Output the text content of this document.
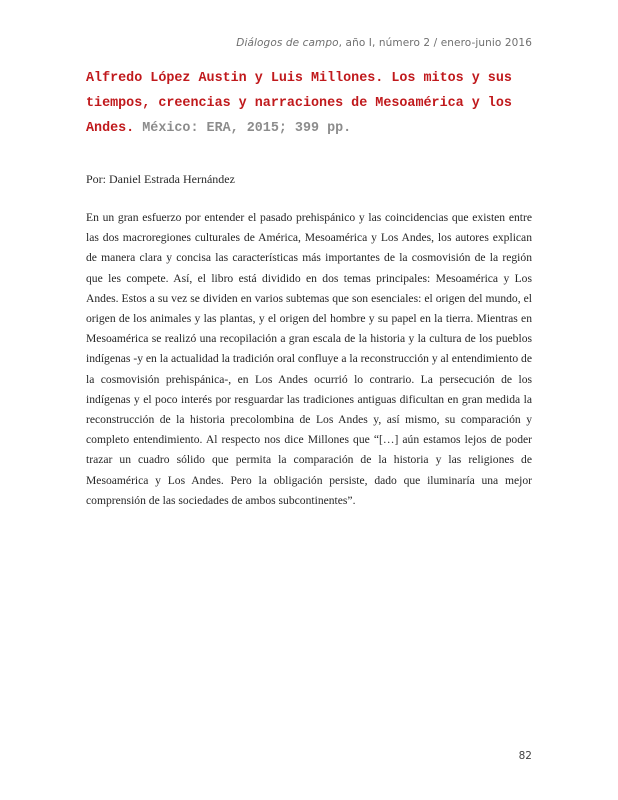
Diálogos de campo, año I, número 2 / enero-junio 2016
Alfredo López Austin y Luis Millones. Los mitos y sus tiempos, creencias y narraciones de Mesoamérica y los Andes. México: ERA, 2015; 399 pp.

Por: Daniel Estrada Hernández

En un gran esfuerzo por entender el pasado prehispánico y las coincidencias que existen entre las dos macroregiones culturales de América, Mesoamérica y Los Andes, los autores explican de manera clara y concisa las características más importantes de la cosmovisión de la región que les compete. Así, el libro está dividido en dos temas principales: Mesoamérica y Los Andes. Estos a su vez se dividen en varios subtemas que son esenciales: el origen del mundo, el origen de los animales y las plantas, y el origen del hombre y su papel en la tierra. Mientras en Mesoamérica se realizó una recopilación a gran escala de la historia y la cultura de los pueblos indígenas -y en la actualidad la tradición oral confluye a la reconstrucción y al entendimiento de la cosmovisión prehispánica-, en Los Andes ocurrió lo contrario. La persecución de los indígenas y el poco interés por resguardar las tradiciones antiguas dificultan en gran medida la reconstrucción de la historia precolombina de Los Andes y, así mismo, su comparación y completo entendimiento. Al respecto nos dice Millones que “[…] aún estamos lejos de poder trazar un cuadro sólido que permita la comparación de la historia y las religiones de Mesoamérica y Los Andes. Pero la obligación persiste, dado que iluminaría una mejor comprensión de las sociedades de ambos subcontinentes”.

82
